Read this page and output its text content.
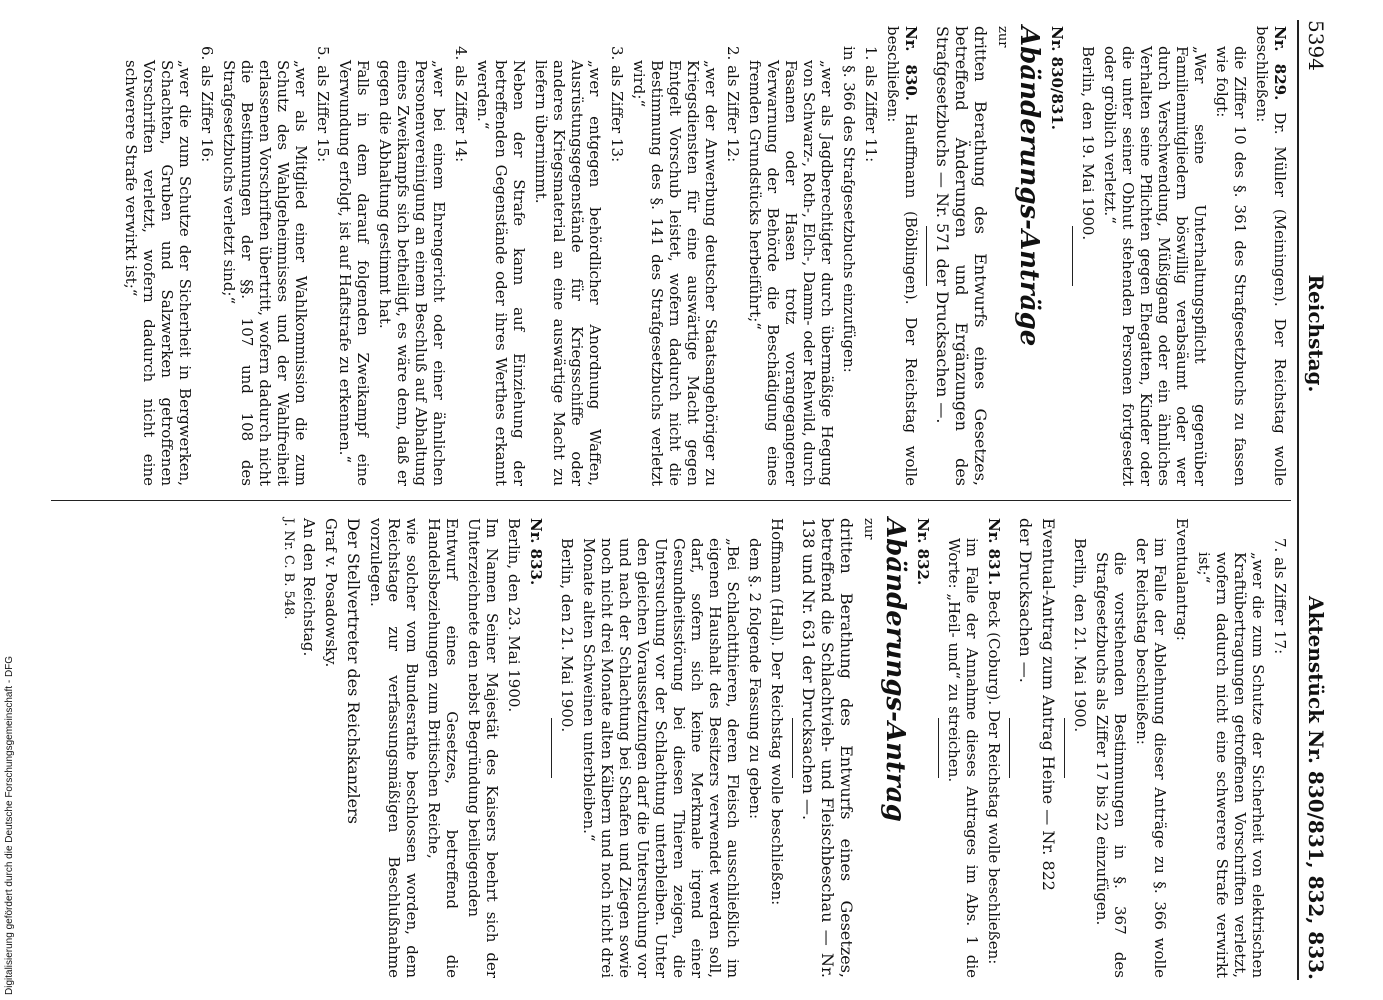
5394
Reichstag.
Aktenstück Nr. 830/831, 832, 833.

Nr. 829. Dr. Müller (Meiningen). Der Reichstag wolle beschließen:

die Ziffer 10 des §. 361 des Strafgesetzbuchs zu fassen wie folgt:

„Wer seine Unterhaltungspflicht gegenüber Familienmitgliedern böswillig verabsäumt oder wer durch Verschwendung, Müßiggang oder ein ähnliches Verhalten seine Pflichten gegen Ehegatten, Kinder oder die unter seiner Obhut stehenden Personen fortgesetzt oder gröblich verletzt.“

Berlin, den 19. Mai 1900.

Nr. 830/831.

Abänderungs-Anträge

zur

dritten Berathung des Entwurfs eines Gesetzes, betreffend Änderungen und Ergänzungen des Strafgesetzbuchs — Nr. 571 der Drucksachen —.

Nr. 830. Hauffmann (Böblingen). Der Reichstag wolle beschließen:

1. als Ziffer 11:

in §. 366 des Strafgesetzbuchs einzufügen:

„wer als Jagdberechtigter durch übermäßige Hegung von Schwarz-, Roth-, Elch-, Damm- oder Rehwild, durch Fasanen oder Hasen trotz vorangegangener Verwarnung der Behörde die Beschädigung eines fremden Grundstücks herbeiführt;“

2. als Ziffer 12:

„wer der Anwerbung deutscher Staatsangehöriger zu Kriegsdiensten für eine auswärtige Macht gegen Entgelt Vorschub leistet, wofern dadurch nicht die Bestimmung des §. 141 des Strafgesetzbuchs verletzt wird;“

3. als Ziffer 13:

„wer entgegen behördlicher Anordnung Waffen, Ausrüstungsgegenstände für Kriegsschiffe oder anderes Kriegsmaterial an eine auswärtige Macht zu liefern übernimmt.

Neben der Strafe kann auf Einziehung der betreffenden Gegenstände oder ihres Werthes erkannt werden.“

4. als Ziffer 14:

„wer bei einem Ehrengericht oder einer ähnlichen Personenvereinigung an einem Beschluß auf Abhaltung eines Zweikampfs sich betheiligt, es wäre denn, daß er gegen die Abhaltung gestimmt hat.

Falls in dem darauf folgenden Zweikampf eine Verwundung erfolgt, ist auf Haftstrafe zu erkennen.“

5. als Ziffer 15:

„wer als Mitglied einer Wahlkommission die zum Schutz des Wahlgeheimnisses und der Wahlfreiheit erlassenen Vorschriften übertritt, wofern dadurch nicht die Bestimmungen der §§. 107 und 108 des Strafgesetzbuchs verletzt sind;“

6. als Ziffer 16:

„wer die zum Schutze der Sicherheit in Bergwerken, Schachten, Gruben und Salzwerken getroffenen Vorschriften verletzt, wofern dadurch nicht eine schwerere Strafe verwirkt ist;“

7. als Ziffer 17:

„wer die zum Schutze der Sicherheit von elektrischen Kraftübertragungen getroffenen Vorschriften verletzt, wofern dadurch nicht eine schwerere Strafe verwirkt ist;“

Eventualantrag:

im Falle der Ablehnung dieser Anträge zu §. 366 wolle der Reichstag beschließen:

die vorstehenden Bestimmungen in §. 367 des Strafgesetzbuchs als Ziffer 17 bis 22 einzufügen.

Berlin, den 21. Mai 1900.

Eventual-Antrag zum Antrag Heine — Nr. 822

der Drucksachen —.

Nr. 831. Beck (Coburg). Der Reichstag wolle beschließen:

im Falle der Annahme dieses Antrages im Abs. 1 die Worte: „Heil- und“ zu streichen.

Nr. 832.

Abänderungs-Antrag

zur

dritten Berathung des Entwurfs eines Gesetzes, betreffend die Schlachtvieh- und Fleischbeschau — Nr. 138 und Nr. 631 der Drucksachen —.

Hoffmann (Hall). Der Reichstag wolle beschließen:

dem §. 2 folgende Fassung zu geben:

„Bei Schlachtthieren, deren Fleisch ausschließlich im eigenen Haushalt des Besitzers verwendet werden soll, darf, sofern sich keine Merkmale irgend einer Gesundheitsstörung bei diesen Thieren zeigen, die Untersuchung vor der Schlachtung unterbleiben. Unter den gleichen Voraussetzungen darf die Untersuchung vor und nach der Schlachtung bei Schafen und Ziegen sowie noch nicht drei Monate alten Kälbern und noch nicht drei Monate alten Schweinen unterbleiben.“

Berlin, den 21. Mai 1900.

Nr. 833.

Berlin, den 23. Mai 1900.

Im Namen Seiner Majestät des Kaisers beehrt sich der Unterzeichnete den nebst Begründung beiliegenden

Entwurf eines Gesetzes, betreffend die Handelsbeziehungen zum Britischen Reiche,

wie solcher vom Bundesrathe beschlossen worden, dem Reichstage zur verfassungsmäßigen Beschlußnahme vorzulegen.

Der Stellvertreter des Reichskanzlers

Graf v. Posadowsky.

An den Reichstag.

J. Nr. C. B. 548.

Digitalisierung gefördert durch die Deutsche Forschungsgemeinschaft - DFG
